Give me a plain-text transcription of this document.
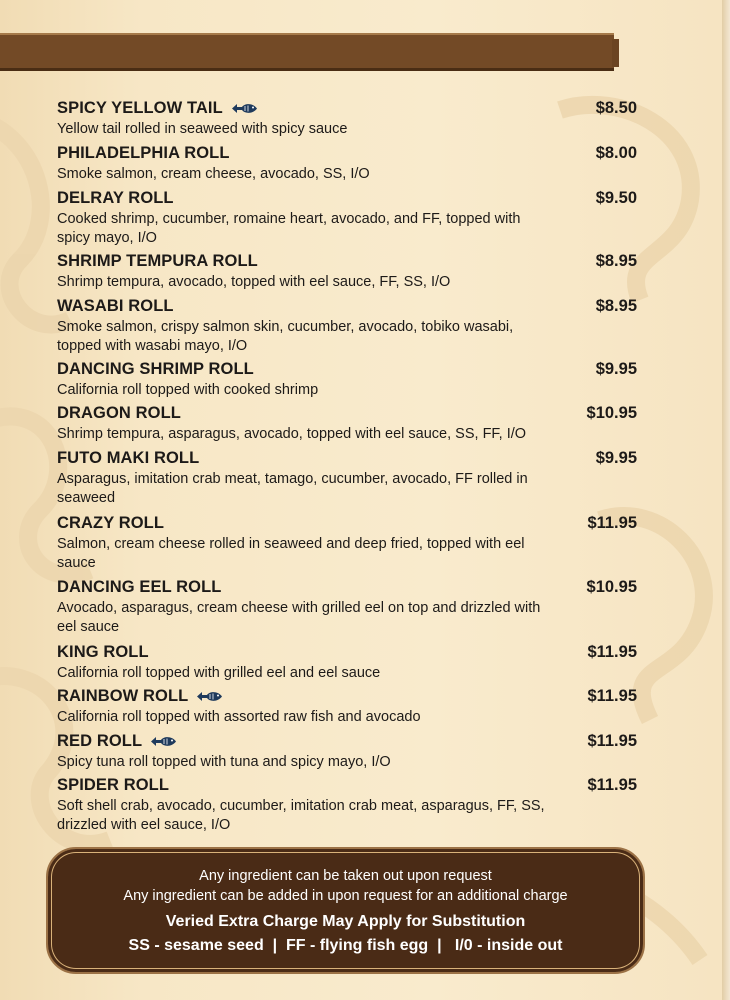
SPICY YELLOW TAIL	$8.50
Yellow tail rolled in seaweed with spicy sauce
PHILADELPHIA ROLL	$8.00
Smoke salmon, cream cheese, avocado, SS, I/O
DELRAY ROLL	$9.50
Cooked shrimp, cucumber, romaine heart, avocado, and FF, topped with spicy mayo, I/O
SHRIMP TEMPURA ROLL	$8.95
Shrimp tempura, avocado, topped with eel sauce, FF, SS, I/O
WASABI ROLL	$8.95
Smoke salmon, crispy salmon skin, cucumber, avocado, tobiko wasabi, topped with wasabi mayo, I/O
DANCING SHRIMP ROLL	$9.95
California roll topped with cooked shrimp
DRAGON ROLL	$10.95
Shrimp tempura, asparagus, avocado, topped with eel sauce, SS, FF, I/O
FUTO MAKI ROLL	$9.95
Asparagus, imitation crab meat, tamago, cucumber, avocado, FF rolled in seaweed
CRAZY ROLL	$11.95
Salmon, cream cheese rolled in seaweed and deep fried, topped with eel sauce
DANCING EEL ROLL	$10.95
Avocado, asparagus, cream cheese with grilled eel on top and drizzled with eel sauce
KING ROLL	$11.95
California roll topped with grilled eel and eel sauce
RAINBOW ROLL	$11.95
California roll topped with assorted raw fish and avocado
RED ROLL	$11.95
Spicy tuna roll topped with tuna and spicy mayo, I/O
SPIDER ROLL	$11.95
Soft shell crab, avocado, cucumber, imitation crab meat, asparagus, FF, SS, drizzled with eel sauce, I/O
Any ingredient can be taken out upon request
Any ingredient can be added in upon request for an additional charge
Veried Extra Charge May Apply for Substitution
SS - sesame seed  |  FF - flying fish egg  |   I/0 - inside out
